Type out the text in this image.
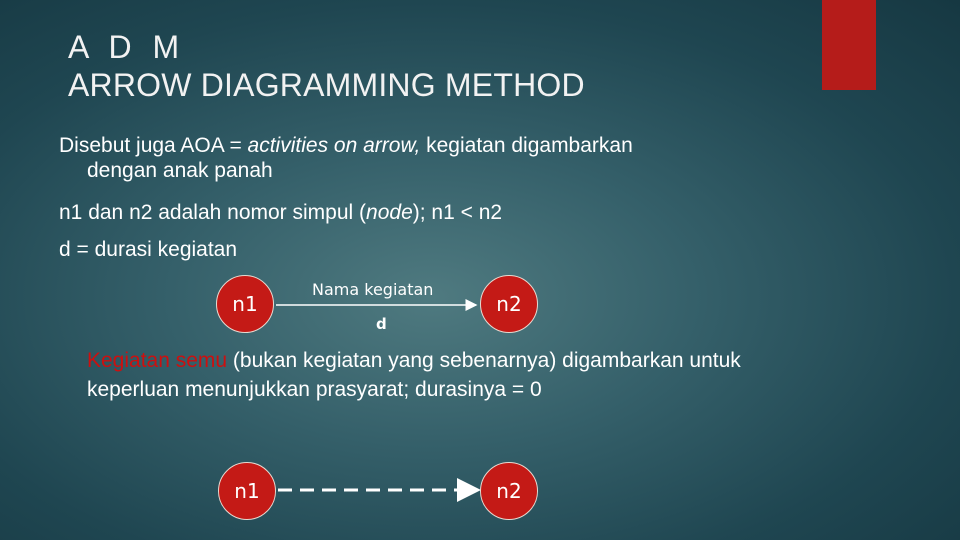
A D M
ARROW DIAGRAMMING METHOD
Disebut juga AOA = activities on arrow, kegiatan digambarkan
dengan anak panah
n1 dan n2 adalah nomor simpul (node); n1 < n2
d = durasi kegiatan
n1
Nama kegiatan
d
n2
Kegiatan semu (bukan kegiatan yang sebenarnya) digambarkan untuk keperluan menunjukkan prasyarat; durasinya = 0
n1	n2
